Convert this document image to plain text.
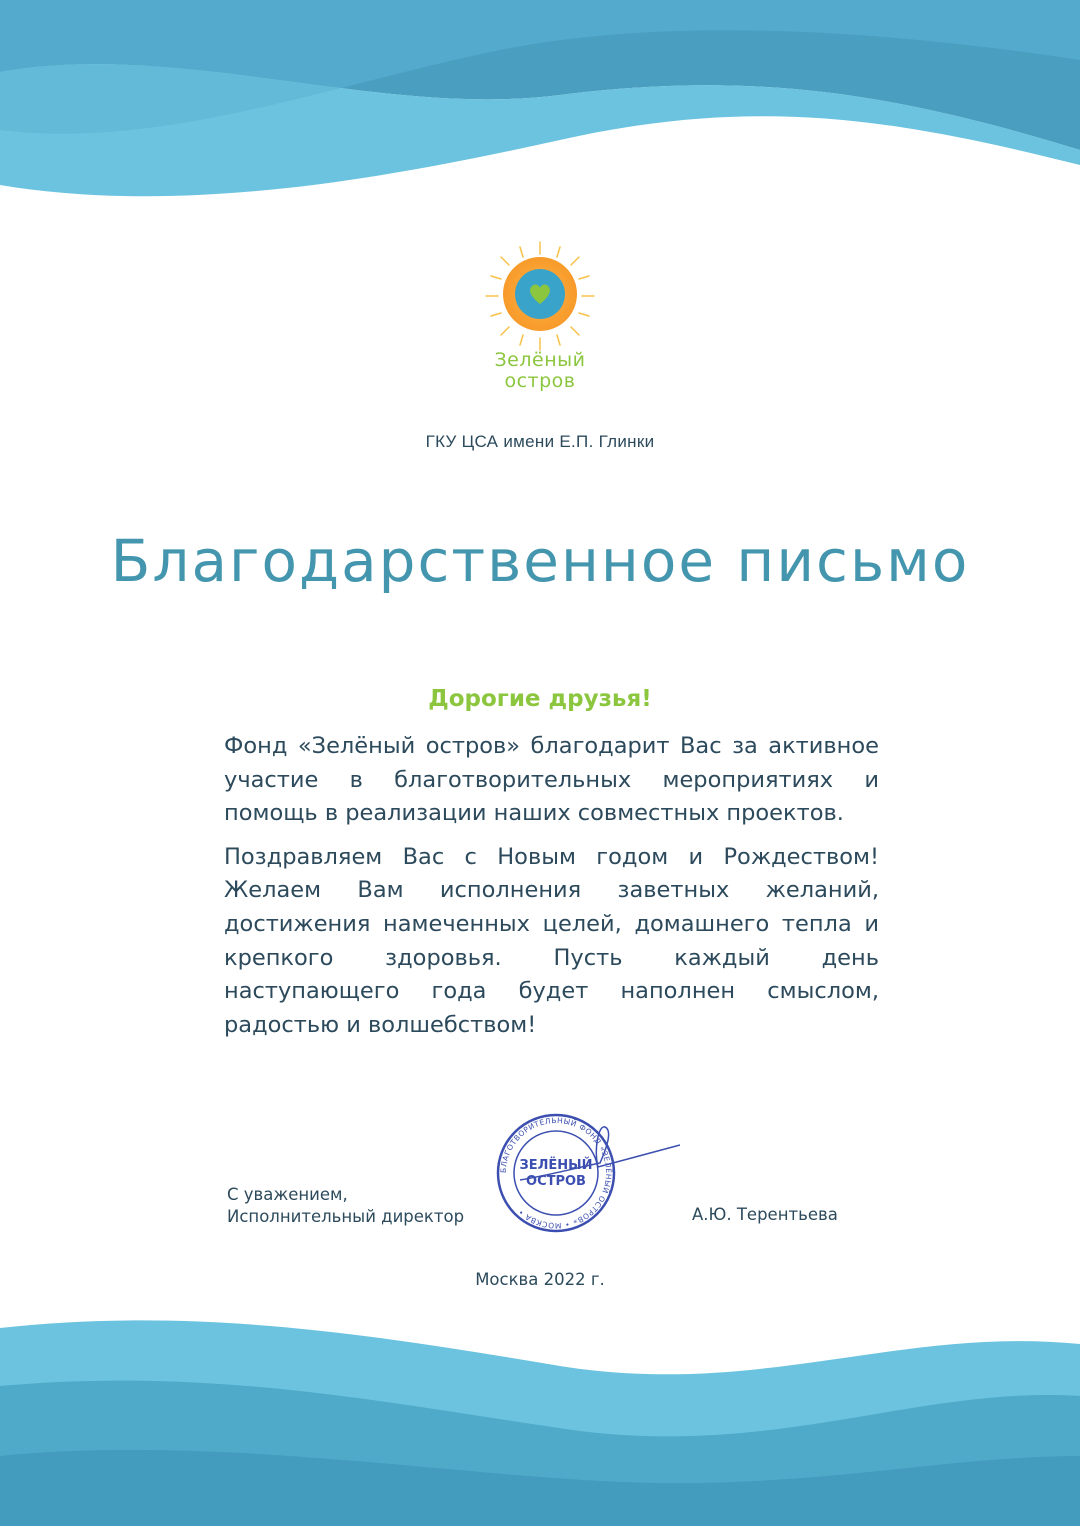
Зелёный
остров
ГКУ ЦСА имени Е.П. Глинки
Благодарственное письмо
Дорогие друзья!

Фонд «Зелёный остров» благодарит Вас за активное участие в благотворительных мероприятиях и помощь в реализации наших совместных проектов.

Поздравляем Вас с Новым годом и Рождеством! Желаем Вам исполнения заветных желаний, достижения намеченных целей, домашнего тепла и крепкого здоровья. Пусть каждый день наступающего года будет наполнен смыслом, радостью и волшебством!

С уважением,
Исполнительный директор
БЛАГОТВОРИТЕЛЬНЫЙ ФОНД «ЗЕЛЁНЫЙ ОСТРОВ» • МОСКВА •
ЗЕЛЁНЫЙ
ОСТРОВ
А.Ю. Терентьева
Москва 2022 г.
